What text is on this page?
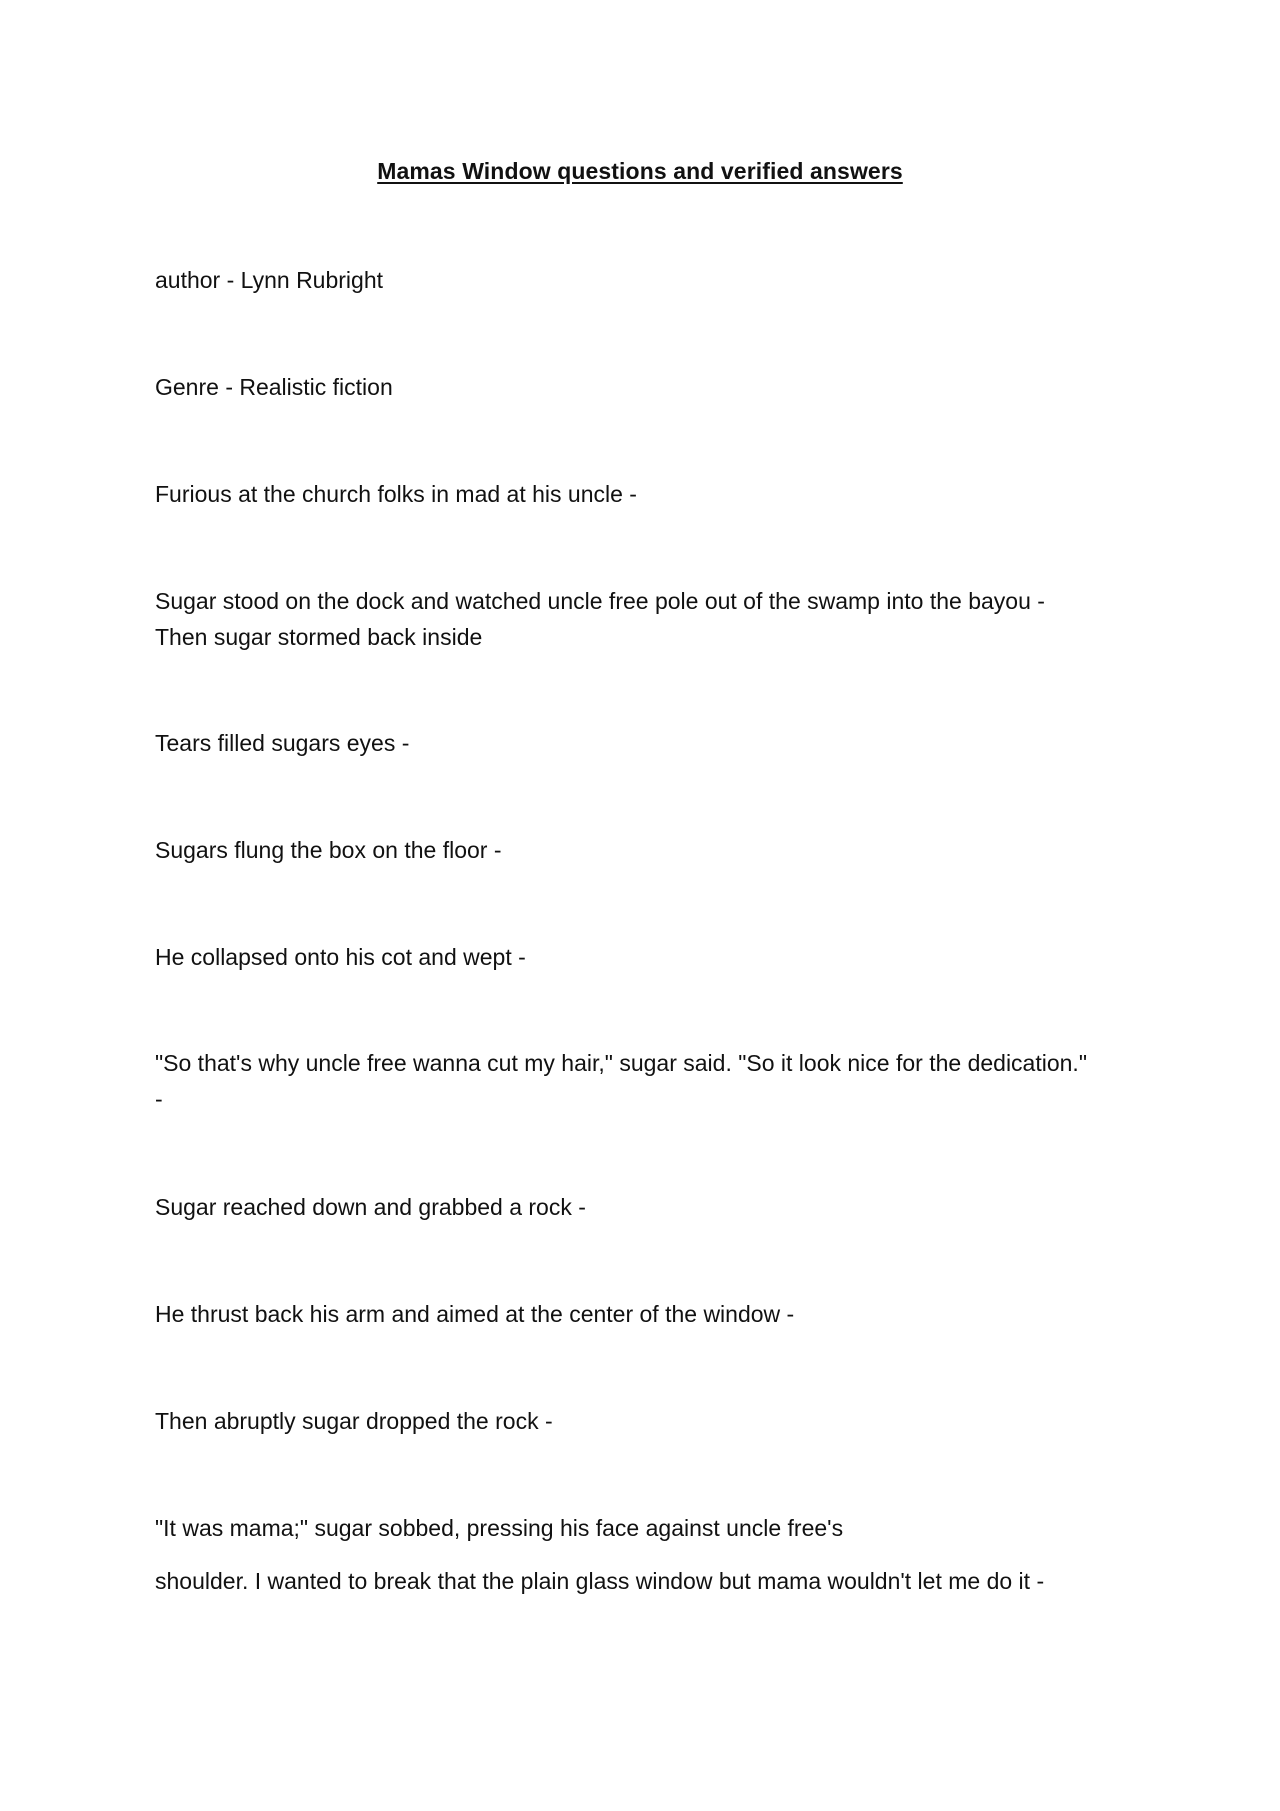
Mamas Window questions and verified answers
author - Lynn Rubright
Genre - Realistic fiction
Furious at the church folks in mad at his uncle -
Sugar stood on the dock and watched uncle free pole out of the swamp into the bayou -
Then sugar stormed back inside
Tears filled sugars eyes -
Sugars flung the box on the floor -
He collapsed onto his cot and wept -
"So that's why uncle free wanna cut my hair," sugar said. "So it look nice for the dedication."
-
Sugar reached down and grabbed a rock -
He thrust back his arm and aimed at the center of the window -
Then abruptly sugar dropped the rock -
"It was mama;" sugar sobbed, pressing his face against uncle free's
shoulder. I wanted to break that the plain glass window but mama wouldn't let me do it -
